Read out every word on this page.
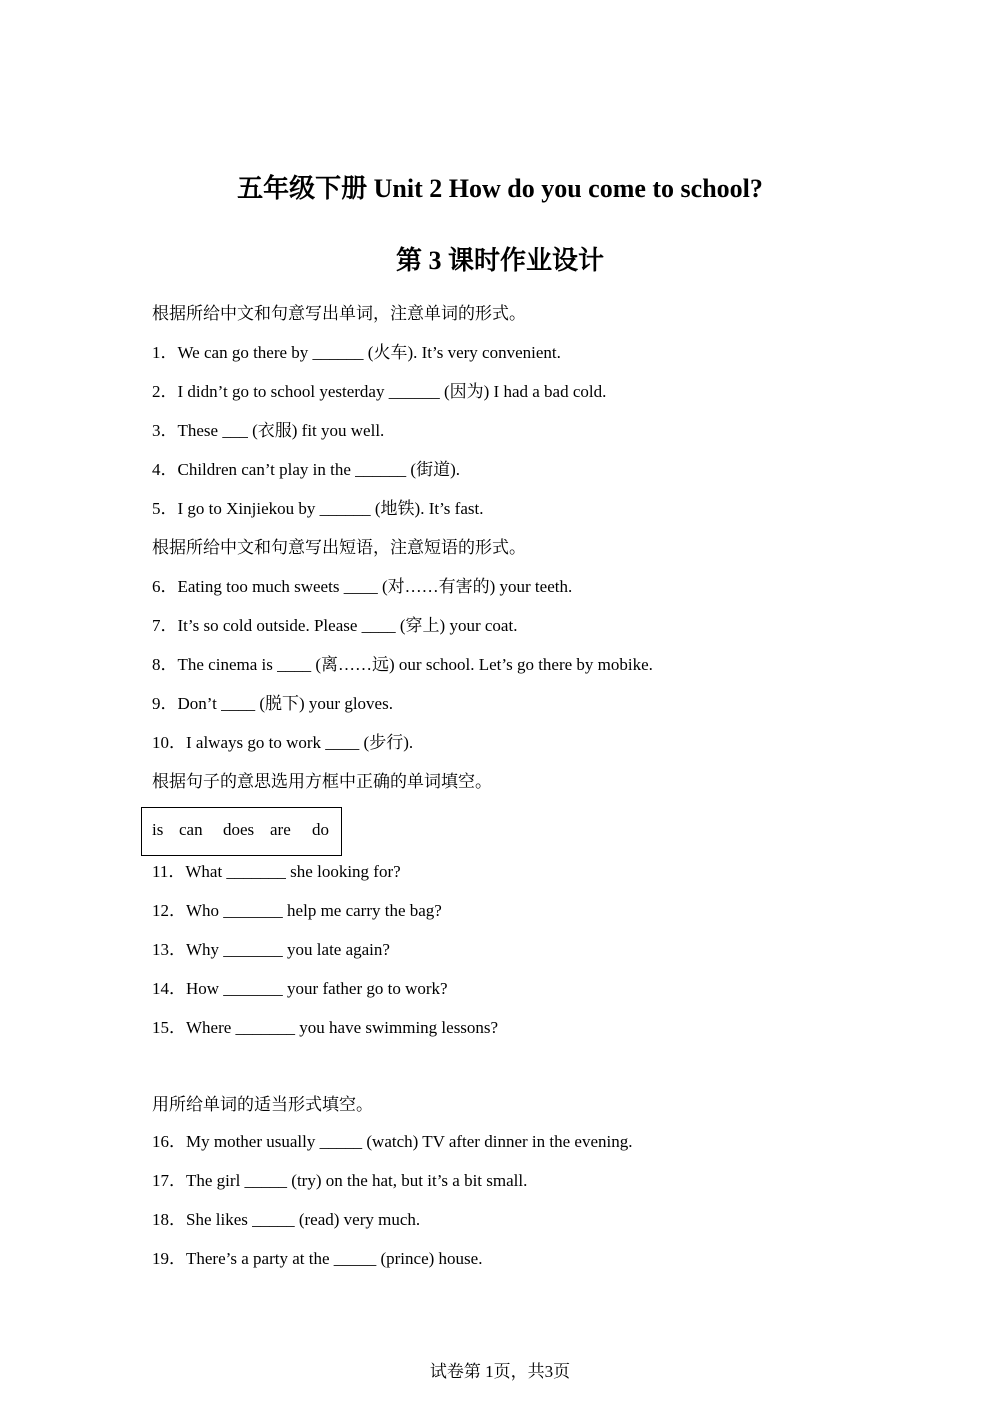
五年级下册 Unit 2 How do you come to school?
第 3 课时作业设计
根据所给中文和句意写出单词，注意单词的形式。
1．We can go there by ______ (火车). It’s very convenient.
2．I didn’t go to school yesterday ______ (因为) I had a bad cold.
3．These ___ (衣服) fit you well.
4．Children can’t play in the ______ (街道).
5．I go to Xinjiekou by ______ (地铁). It’s fast.
根据所给中文和句意写出短语，注意短语的形式。
6．Eating too much sweets ____ (对……有害的) your teeth.
7．It’s so cold outside. Please ____ (穿上) your coat.
8．The cinema is ____ (离……远) our school. Let’s go there by mobike.
9．Don’t ____ (脱下) your gloves.
10．I always go to work ____ (步行).
根据句子的意思选用方框中正确的单词填空。
is can does are do
11．What _______ she looking for?
12．Who _______ help me carry the bag?
13．Why _______ you late again?
14．How _______ your father go to work?
15．Where _______ you have swimming lessons?
用所给单词的适当形式填空。
16．My mother usually _____ (watch) TV after dinner in the evening.
17．The girl _____ (try) on the hat, but it’s a bit small.
18．She likes _____ (read) very much.
19．There’s a party at the _____ (prince) house.
试卷第 1页，共3页
